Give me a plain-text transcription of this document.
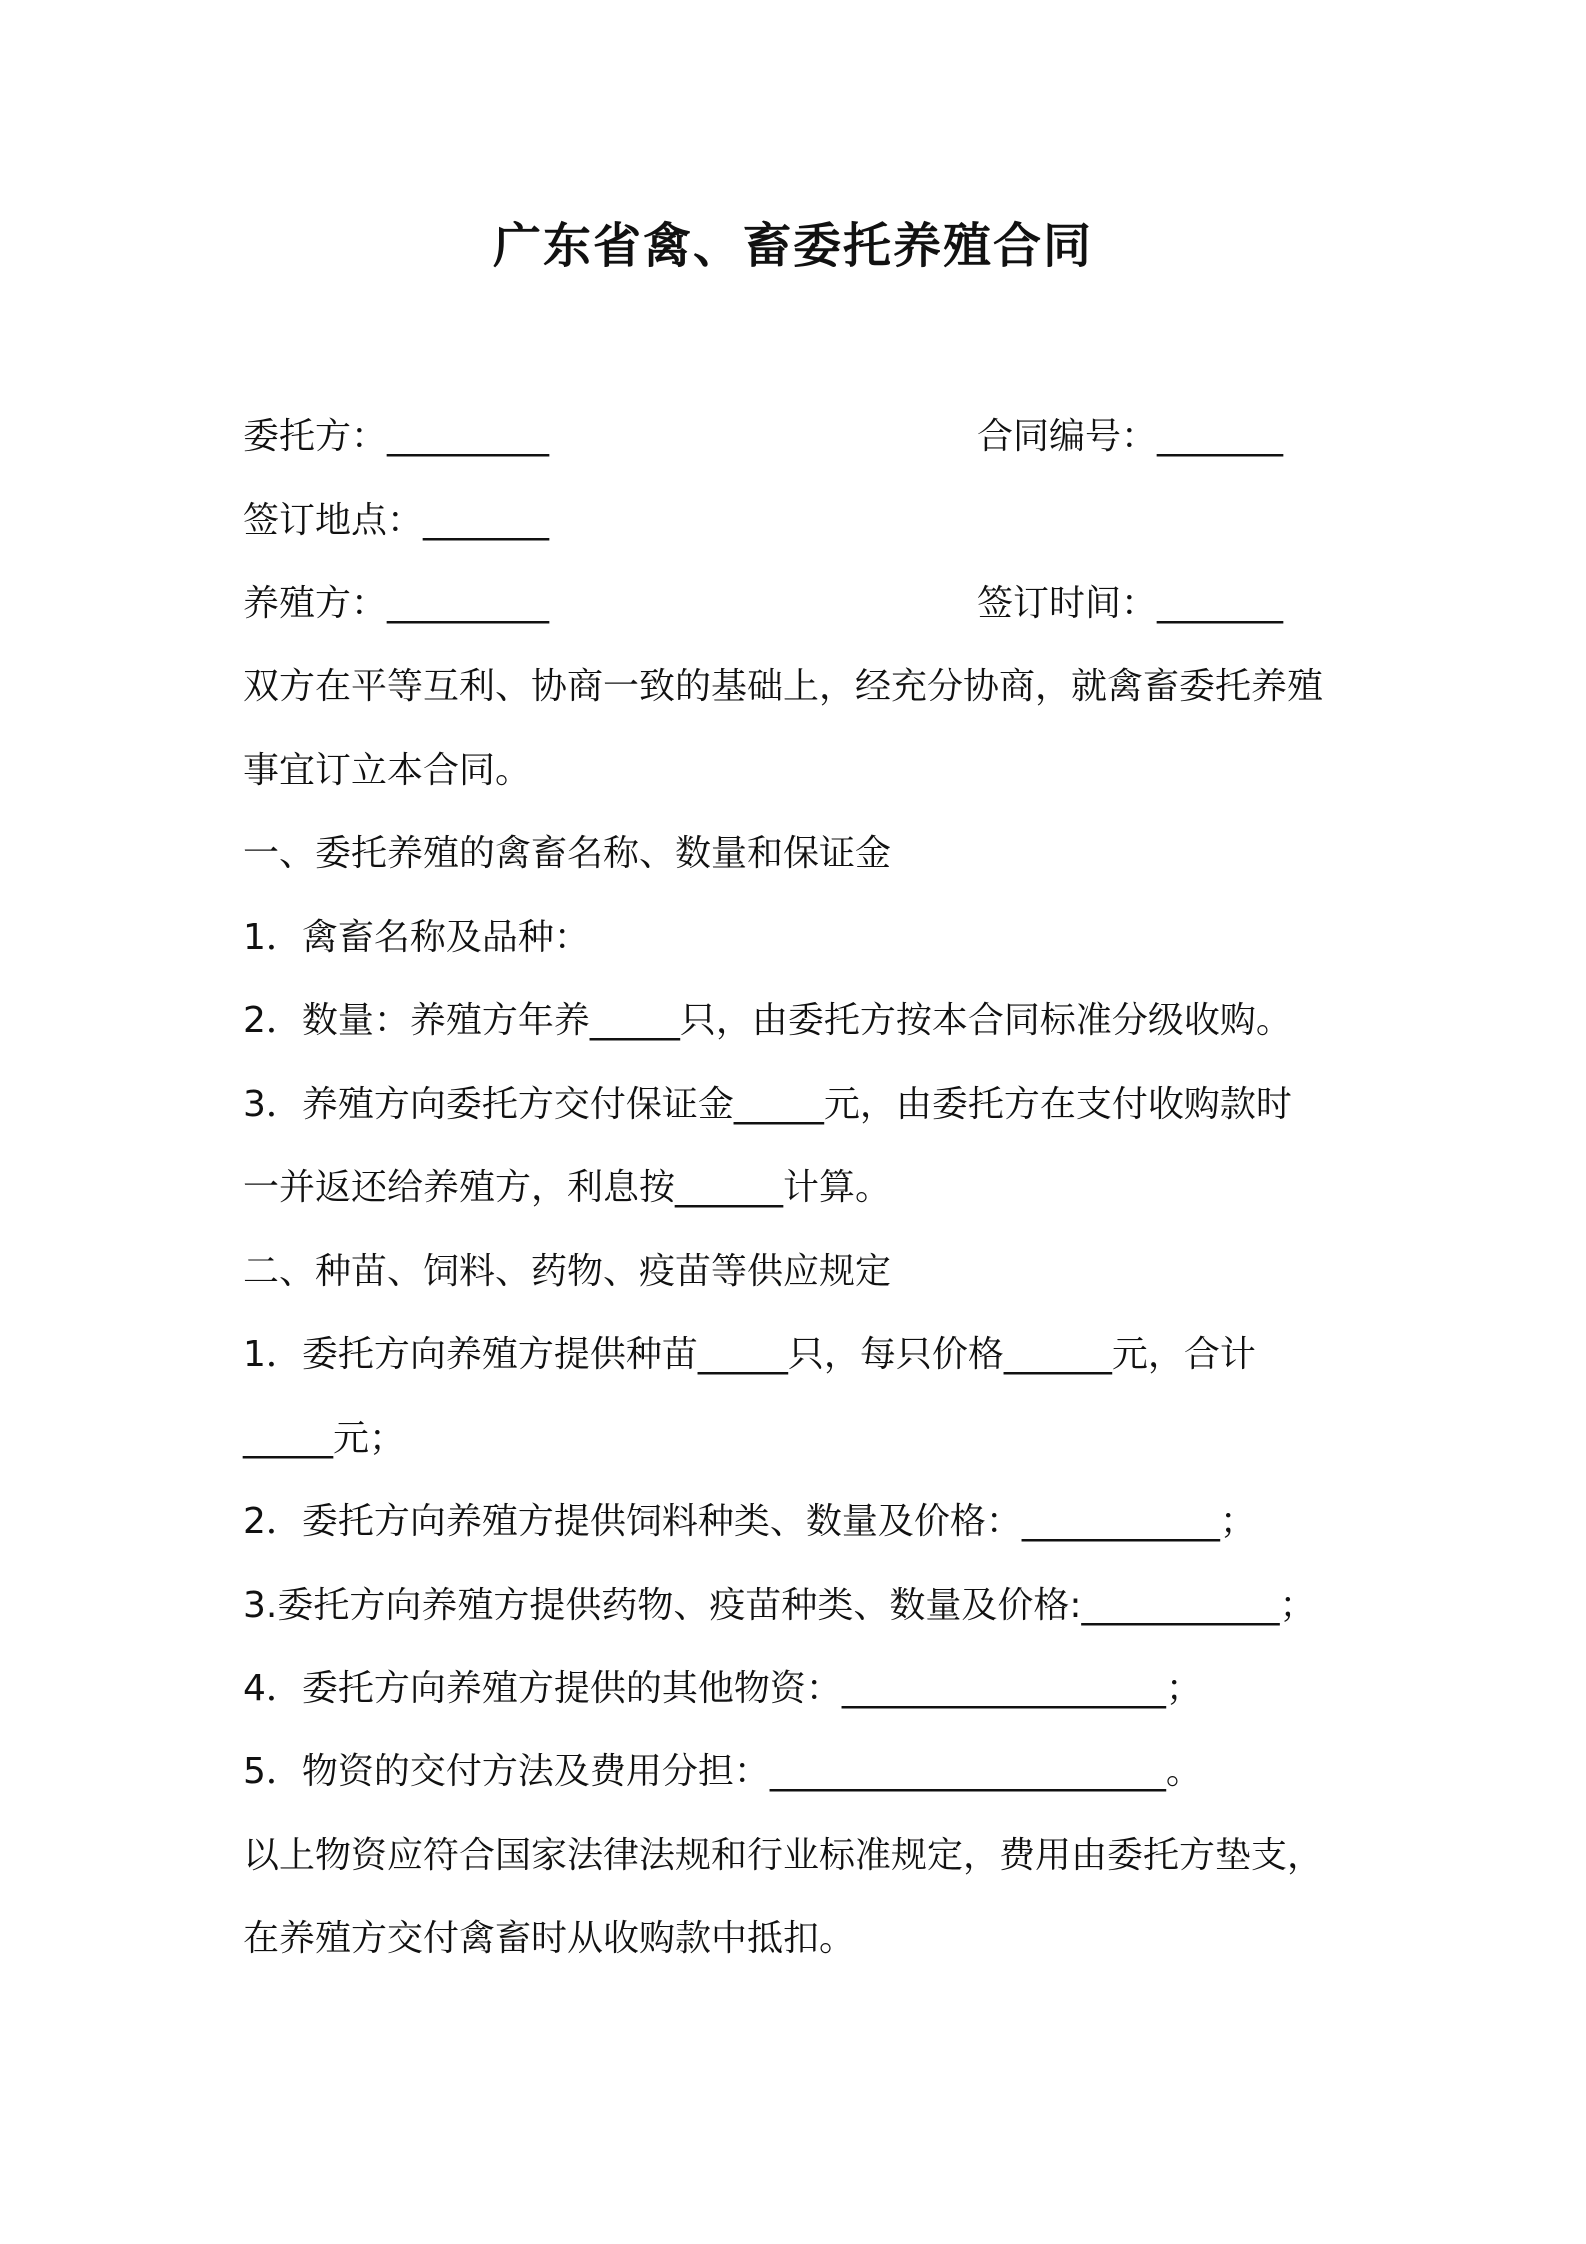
广东省禽、畜委托养殖合同
委托方：_________	合同编号：_______
签订地点：_______
养殖方：_________	签订时间：_______
双方在平等互利、协商一致的基础上，经充分协商，就禽畜委托养殖
事宜订立本合同。
一、委托养殖的禽畜名称、数量和保证金
1．禽畜名称及品种：
2．数量：养殖方年养_____只，由委托方按本合同标准分级收购。
3．养殖方向委托方交付保证金_____元，由委托方在支付收购款时
一并返还给养殖方，利息按______计算。
二、种苗、饲料、药物、疫苗等供应规定
1．委托方向养殖方提供种苗_____只，每只价格______元，合计
_____元；
2．委托方向养殖方提供饲料种类、数量及价格：___________；
3.委托方向养殖方提供药物、疫苗种类、数量及价格:___________；
4．委托方向养殖方提供的其他物资：__________________；
5．物资的交付方法及费用分担：______________________。
以上物资应符合国家法律法规和行业标准规定，费用由委托方垫支，
在养殖方交付禽畜时从收购款中抵扣。
